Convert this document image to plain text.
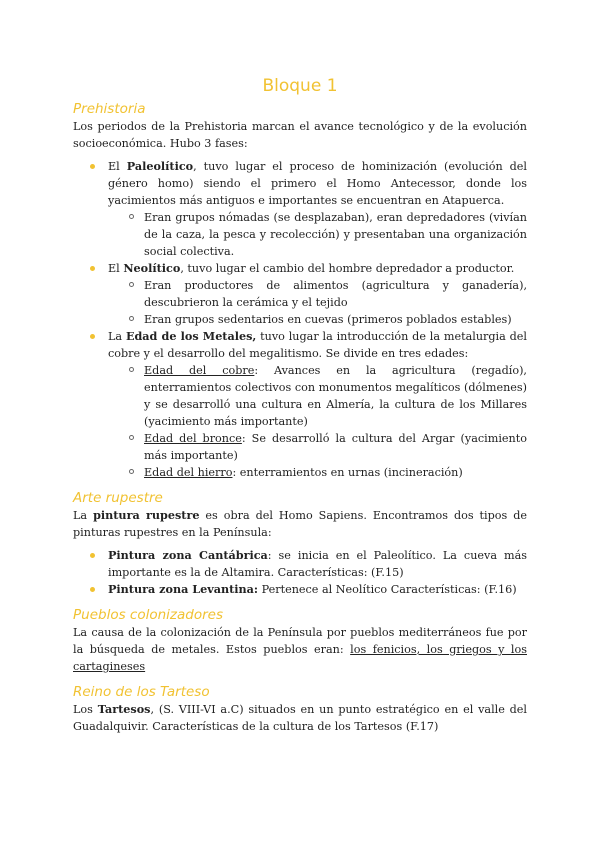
Bloque 1
Prehistoria

Los periodos de la Prehistoria marcan el avance tecnológico y de la evolución socioeconómica. Hubo 3 fases:

El Paleolítico, tuvo lugar el proceso de hominización (evolución del género homo) siendo el primero el Homo Antecessor, donde los yacimientos más antiguos e importantes se encuentran en Atapuerca.
Eran grupos nómadas (se desplazaban), eran depredadores (vivían de la caza, la pesca y recolección) y presentaban una organización social colectiva.
El Neolítico, tuvo lugar el cambio del hombre depredador a productor.
Eran productores de alimentos (agricultura y ganadería), descubrieron la cerámica y el tejido
Eran grupos sedentarios en cuevas (primeros poblados estables)
La Edad de los Metales, tuvo lugar la introducción de la metalurgia del cobre y el desarrollo del megalitismo. Se divide en tres edades:
Edad del cobre: Avances en la agricultura (regadío), enterramientos colectivos con monumentos megalíticos (dólmenes) y se desarrolló una cultura en Almería, la cultura de los Millares (yacimiento más importante)
Edad del bronce: Se desarrolló la cultura del Argar (yacimiento más importante)
Edad del hierro: enterramientos en urnas (incineración)
Arte rupestre

La pintura rupestre es obra del Homo Sapiens. Encontramos dos tipos de pinturas rupestres en la Península:

Pintura zona Cantábrica: se inicia en el Paleolítico. La cueva más importante es la de Altamira. Características: (F.15)
Pintura zona Levantina: Pertenece al Neolítico Características: (F.16)
Pueblos colonizadores

La causa de la colonización de la Península por pueblos mediterráneos fue por la búsqueda de metales. Estos pueblos eran: los fenicios, los griegos y los cartagineses

Reino de los Tarteso

Los Tartesos, (S. VIII-VI a.C) situados en un punto estratégico en el valle del Guadalquivir. Características de la cultura de los Tartesos (F.17)
